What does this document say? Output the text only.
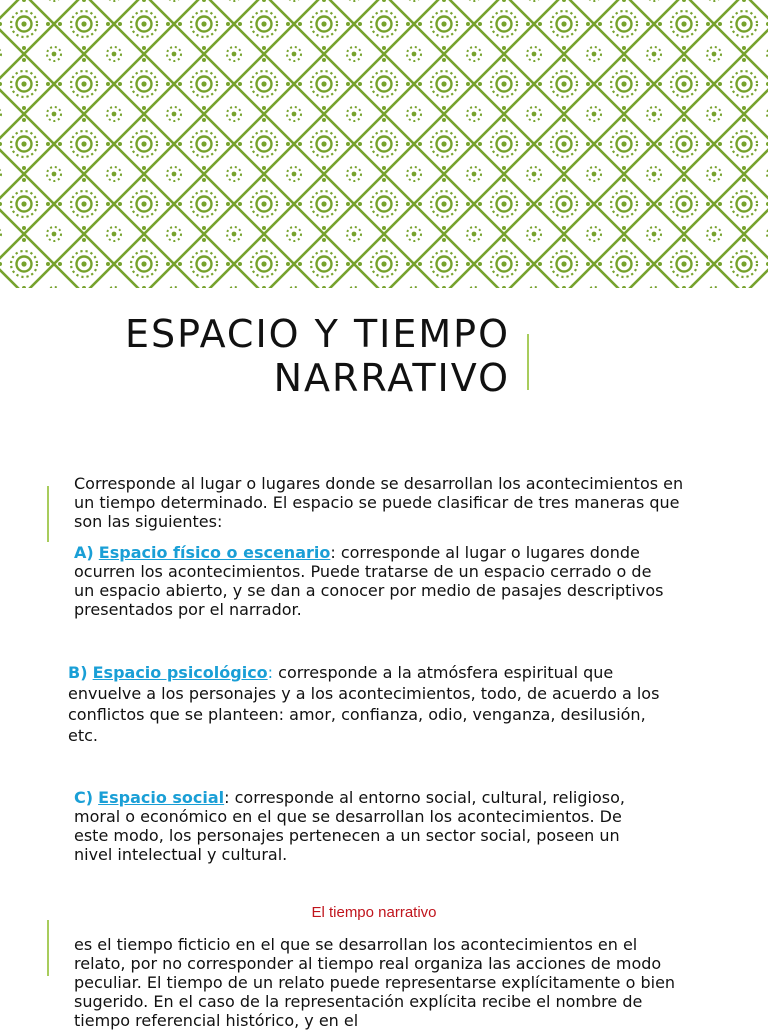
ESPACIO Y TIEMPO
NARRATIVO

Corresponde al lugar o lugares donde se desarrollan los acontecimientos en un tiempo determinado. El espacio se puede clasificar de tres maneras que son las siguientes:

A) Espacio físico o escenario: corresponde al lugar o lugares donde ocurren los acontecimientos. Puede tratarse de un espacio cerrado o de un espacio abierto, y se dan a conocer por medio de pasajes descriptivos presentados por el narrador.

B) Espacio psicológico: corresponde a la atmósfera espiritual que envuelve a los personajes y a los acontecimientos, todo, de acuerdo a los conflictos que se planteen: amor, confianza, odio, venganza, desilusión, etc.

C) Espacio social: corresponde al entorno social, cultural, religioso, moral o económico en el que se desarrollan los acontecimientos. De este modo, los personajes pertenecen a un sector social, poseen un nivel intelectual y cultural.

El tiempo narrativo

es el tiempo ficticio en el que se desarrollan los acontecimientos en el relato, por no corresponder al tiempo real organiza las acciones de modo peculiar. El tiempo de un relato puede representarse explícitamente o bien sugerido. En el caso de la representación explícita recibe el nombre de tiempo referencial histórico, y en el
